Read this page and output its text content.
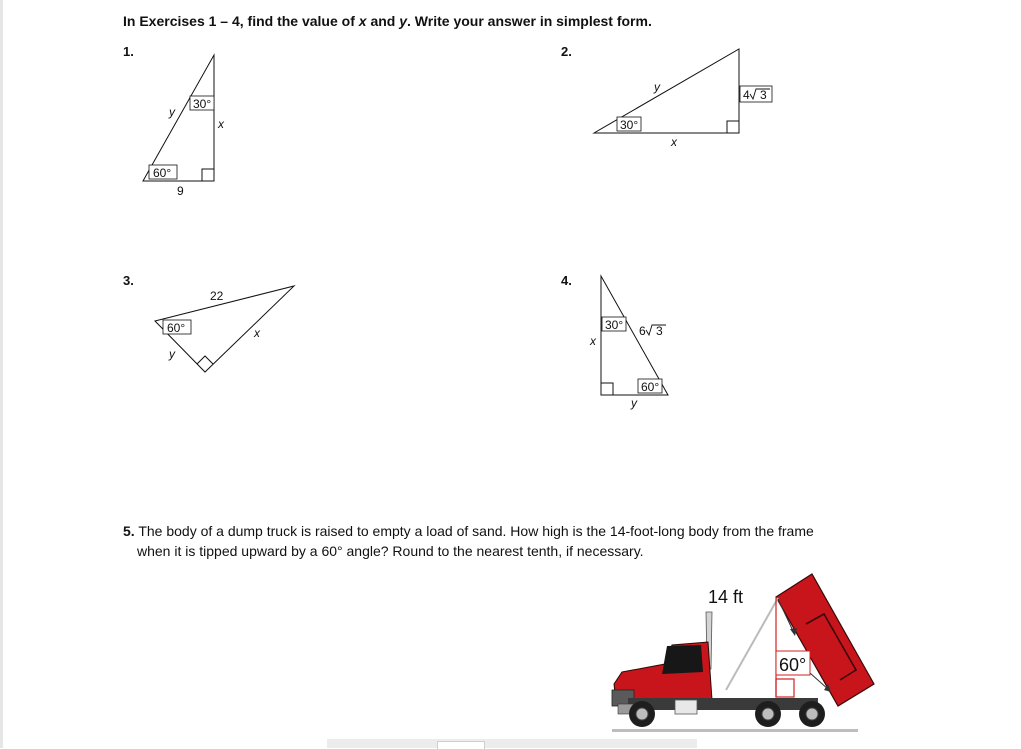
In Exercises 1 – 4, find the value of x and y. Write your answer in simplest form.
1.	2.
3.	4.
30°
60°
y
x
9
30°
y
x
4 3
60°
22
x
y
30°
60°
x
y
6 3
60°
14 ft
5. The body of a dump truck is raised to empty a load of sand. How high is the 14-foot-long body from the frame
when it is tipped upward by a 60° angle? Round to the nearest tenth, if necessary.
